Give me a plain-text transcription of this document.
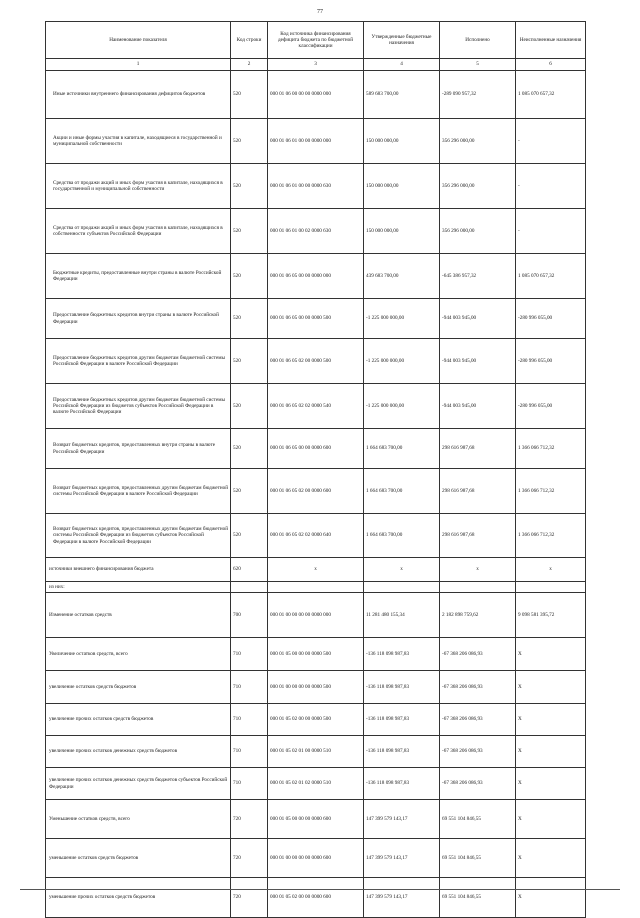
77
Наименование показателя	Код строки	Код источника финансирования дефицита бюджета по бюджетной классификации	Утвержденные бюджетные назначения	Исполнено	Неисполненные назначения
1	2	3	4	5	6
Иные источники внутреннего финансирования дефицитов бюджетов	520	000 01 06 00 00 00 0000 000	589 683 700,00	-289 090 957,32	1 085 070 657,32
Акции и иные формы участия в капитале, находящиеся в государственной и муниципальной собственности	520	000 01 06 01 00 00 0000 000	150 000 000,00	356 296 000,00	-
Средства от продажи акций и иных форм участия в капитале, находящихся в государственной и муниципальной собственности	520	000 01 06 01 00 00 0000 630	150 000 000,00	356 296 000,00	-
Средства от продажи акций и иных форм участия в капитале, находящихся в собственности субъектов Российской Федерации	520	000 01 06 01 00 02 0000 630	150 000 000,00	356 296 000,00	-
Бюджетные кредиты, предоставленные внутри страны в валюте Российской Федерации	520	000 01 06 05 00 00 0000 000	439 683 700,00	-645 386 957,32	1 085 070 657,32
Предоставление бюджетных кредитов внутри страны в валюте Российской Федерации	520	000 01 06 05 00 00 0000 500	-1 225 000 000,00	-944 003 945,00	-280 996 055,00
Предоставление бюджетных кредитов другим бюджетам бюджетной системы Российской Федерации в валюте Российской Федерации	520	000 01 06 05 02 00 0000 500	-1 225 000 000,00	-944 003 945,00	-280 996 055,00
Предоставление бюджетных кредитов другим бюджетам бюджетной системы Российской Федерации из бюджетов субъектов Российской Федерации в валюте Российской Федерации	520	000 01 06 05 02 02 0000 540	-1 225 000 000,00	-944 003 945,00	-280 996 055,00
Возврат бюджетных кредитов, предоставленных внутри страны в валюте Российской Федерации	520	000 01 06 05 00 00 0000 600	1 664 683 700,00	298 616 987,68	1 366 066 712,32
Возврат бюджетных кредитов, предоставленных другим бюджетам бюджетной системы Российской Федерации в валюте Российской Федерации	520	000 01 06 05 02 00 0000 600	1 664 683 700,00	298 616 987,68	1 366 066 712,32
Возврат бюджетных кредитов, предоставленных другим бюджетам бюджетной системы Российской Федерации из бюджетов субъектов Российской Федерации в валюте Российской Федерации	520	000 01 06 05 02 02 0000 640	1 664 683 700,00	298 616 987,68	1 366 066 712,32
источники внешнего финансирования бюджета	620	x	x	x	x
из них:					
Изменение остатков средств	700	000 01 00 00 00 00 0000 000	11 281 480 155,34	2 182 898 759,62	9 098 581 395,72
Увеличение остатков средств, всего	710	000 01 05 00 00 00 0000 500	-136 118 098 987,83	-67 368 206 086,93	X
увеличение остатков средств бюджетов	710	000 01 00 00 00 00 0000 500	-136 118 098 987,83	-67 368 206 086,93	X
увеличение прочих остатков средств бюджетов	710	000 01 05 02 00 00 0000 500	-136 118 098 987,83	-67 368 206 086,93	X
увеличение прочих остатков денежных средств бюджетов	710	000 01 05 02 01 00 0000 510	-136 118 098 987,83	-67 368 206 086,93	X
увеличение прочих остатков денежных средств бюджетов субъектов Российской Федерации	710	000 01 05 02 01 02 0000 510	-136 118 098 987,83	-67 368 206 086,93	X
Уменьшение остатков средств, всего	720	000 01 05 00 00 00 0000 600	147 399 579 143,17	69 551 104 846,55	X
уменьшение остатков средств бюджетов	720	000 01 00 00 00 00 0000 600	147 399 579 143,17	69 551 104 846,55	X
уменьшение прочих остатков средств бюджетов	720	000 01 05 02 00 00 0000 600	147 399 579 143,17	69 551 104 846,55	X
